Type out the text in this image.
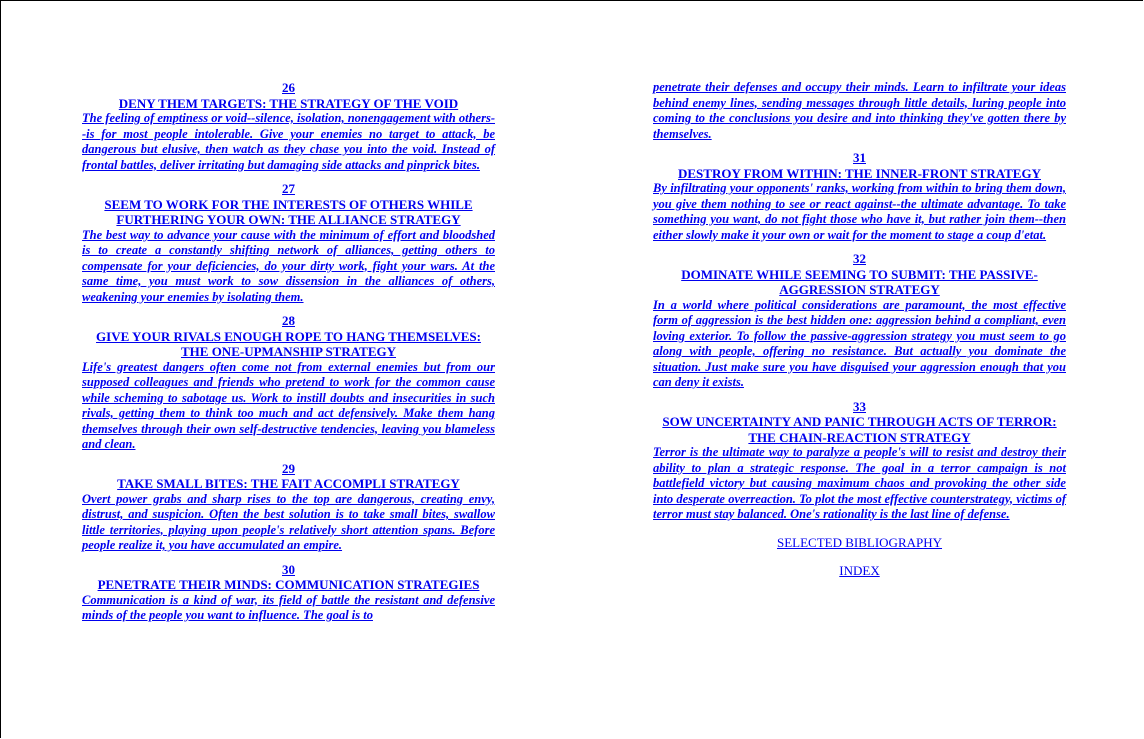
26
DENY THEM TARGETS: THE STRATEGY OF THE VOID
The feeling of emptiness or void--silence, isolation, nonengagement with others--is for most people intolerable. Give your enemies no target to attack, be dangerous but elusive, then watch as they chase you into the void. Instead of frontal battles, deliver irritating but damaging side attacks and pinprick bites.
27
SEEM TO WORK FOR THE INTERESTS OF OTHERS WHILE FURTHERING YOUR OWN: THE ALLIANCE STRATEGY
The best way to advance your cause with the minimum of effort and bloodshed is to create a constantly shifting network of alliances, getting others to compensate for your deficiencies, do your dirty work, fight your wars. At the same time, you must work to sow dissension in the alliances of others, weakening your enemies by isolating them.
28
GIVE YOUR RIVALS ENOUGH ROPE TO HANG THEMSELVES: THE ONE-UPMANSHIP STRATEGY
Life's greatest dangers often come not from external enemies but from our supposed colleagues and friends who pretend to work for the common cause while scheming to sabotage us. Work to instill doubts and insecurities in such rivals, getting them to think too much and act defensively. Make them hang themselves through their own self-destructive tendencies, leaving you blameless and clean.
29
TAKE SMALL BITES: THE FAIT ACCOMPLI STRATEGY
Overt power grabs and sharp rises to the top are dangerous, creating envy, distrust, and suspicion. Often the best solution is to take small bites, swallow little territories, playing upon people's relatively short attention spans. Before people realize it, you have accumulated an empire.
30
PENETRATE THEIR MINDS: COMMUNICATION STRATEGIES
Communication is a kind of war, its field of battle the resistant and defensive minds of the people you want to influence. The goal is to
penetrate their defenses and occupy their minds. Learn to infiltrate your ideas behind enemy lines, sending messages through little details, luring people into coming to the conclusions you desire and into thinking they've gotten there by themselves.
31
DESTROY FROM WITHIN: THE INNER-FRONT STRATEGY
By infiltrating your opponents' ranks, working from within to bring them down, you give them nothing to see or react against--the ultimate advantage. To take something you want, do not fight those who have it, but rather join them--then either slowly make it your own or wait for the moment to stage a coup d'etat.
32
DOMINATE WHILE SEEMING TO SUBMIT: THE PASSIVE-AGGRESSION STRATEGY
In a world where political considerations are paramount, the most effective form of aggression is the best hidden one: aggression behind a compliant, even loving exterior. To follow the passive-aggression strategy you must seem to go along with people, offering no resistance. But actually you dominate the situation. Just make sure you have disguised your aggression enough that you can deny it exists.
33
SOW UNCERTAINTY AND PANIC THROUGH ACTS OF TERROR: THE CHAIN-REACTION STRATEGY
Terror is the ultimate way to paralyze a people's will to resist and destroy their ability to plan a strategic response. The goal in a terror campaign is not battlefield victory but causing maximum chaos and provoking the other side into desperate overreaction. To plot the most effective counterstrategy, victims of terror must stay balanced. One's rationality is the last line of defense.
SELECTED BIBLIOGRAPHY
INDEX
